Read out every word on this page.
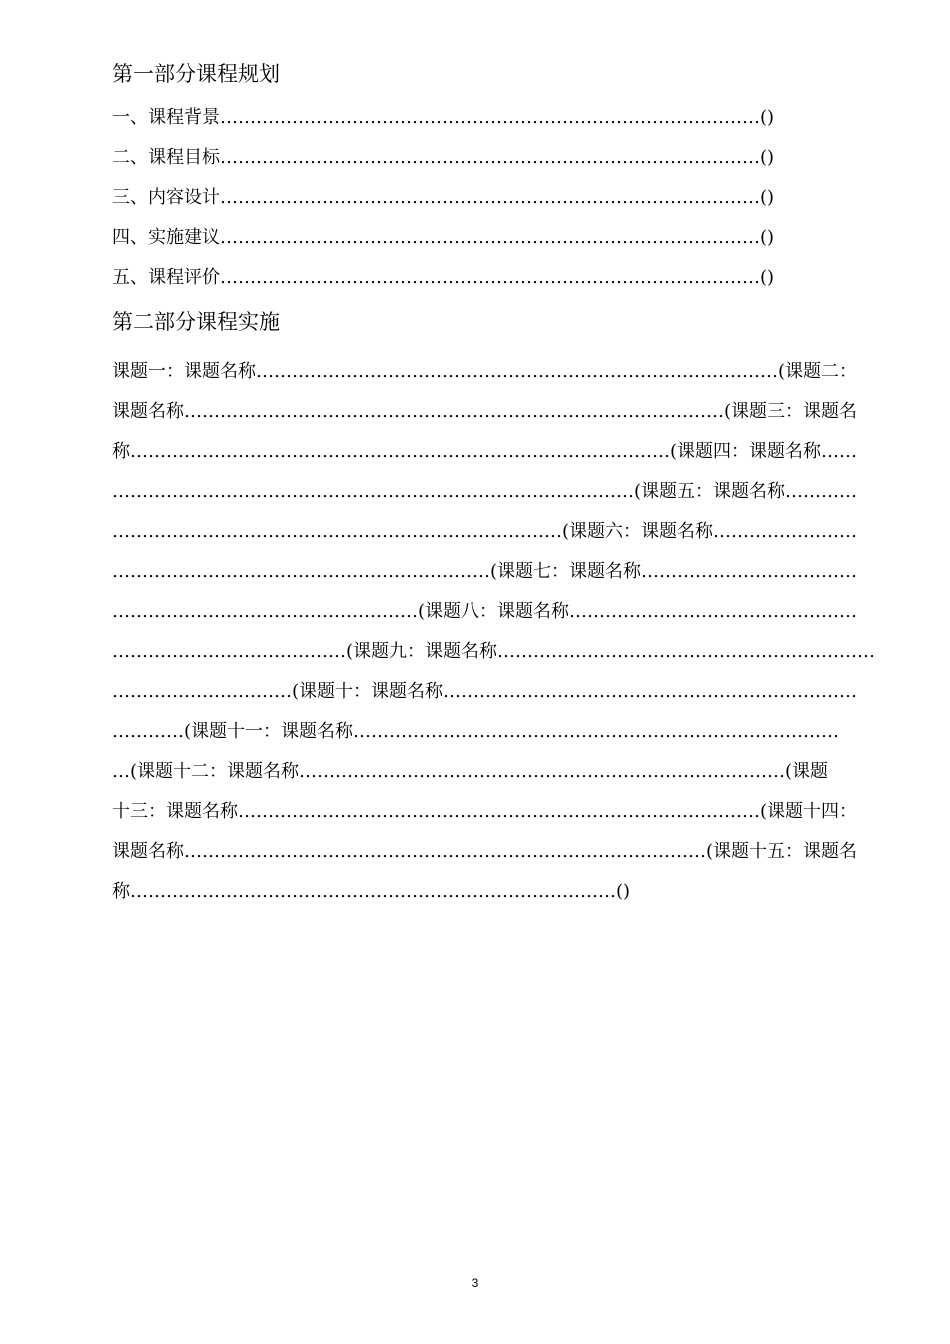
第一部分课程规划
一、课程背景………………………………………………………………………………()
二、课程目标………………………………………………………………………………()
三、内容设计………………………………………………………………………………()
四、实施建议………………………………………………………………………………()
五、课程评价………………………………………………………………………………()
第二部分课程实施
课题一：课题名称……………………………………………………………………………(课题二：
课题名称………………………………………………………………………………(课题三：课题名
称………………………………………………………………………………(课题四：课题名称……
……………………………………………………………………………(课题五：课题名称…………
…………………………………………………………………(课题六：课题名称……………………
………………………………………………………(课题七：课题名称………………………………
……………………………………………(课题八：课题名称…………………………………………
…………………………………(课题九：课题名称………………………………………………………
…………………………(课题十：课题名称……………………………………………………………
…………(课题十一：课题名称………………………………………………………………………
…(课题十二：课题名称………………………………………………………………………(课题
十三：课题名称……………………………………………………………………………(课题十四：
课题名称……………………………………………………………………………(课题十五：课题名
称………………………………………………………………………()
3
